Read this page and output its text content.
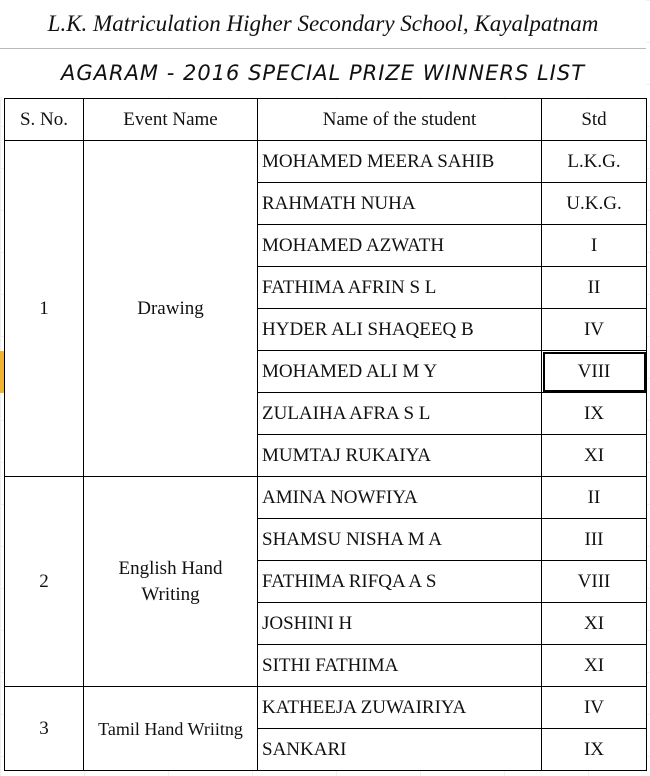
L.K. Matriculation Higher Secondary School, Kayalpatnam
AGARAM - 2016 SPECIAL PRIZE WINNERS LIST
S. No.	Event Name	Name of the student	Std
1	Drawing	MOHAMED MEERA SAHIB	L.K.G.
		RAHMATH NUHA	U.K.G.
		MOHAMED AZWATH	I
		FATHIMA AFRIN S L	II
		HYDER ALI SHAQEEQ B	IV
		MOHAMED ALI M Y	VIII
		ZULAIHA AFRA S L	IX
		MUMTAJ RUKAIYA	XI
2	English Hand Writing	AMINA NOWFIYA	II
		SHAMSU NISHA M A	III
		FATHIMA RIFQA A S	VIII
		JOSHINI H	XI
		SITHI FATHIMA	XI
3	Tamil Hand Wriitng	KATHEEJA ZUWAIRIYA	IV
		SANKARI	IX
